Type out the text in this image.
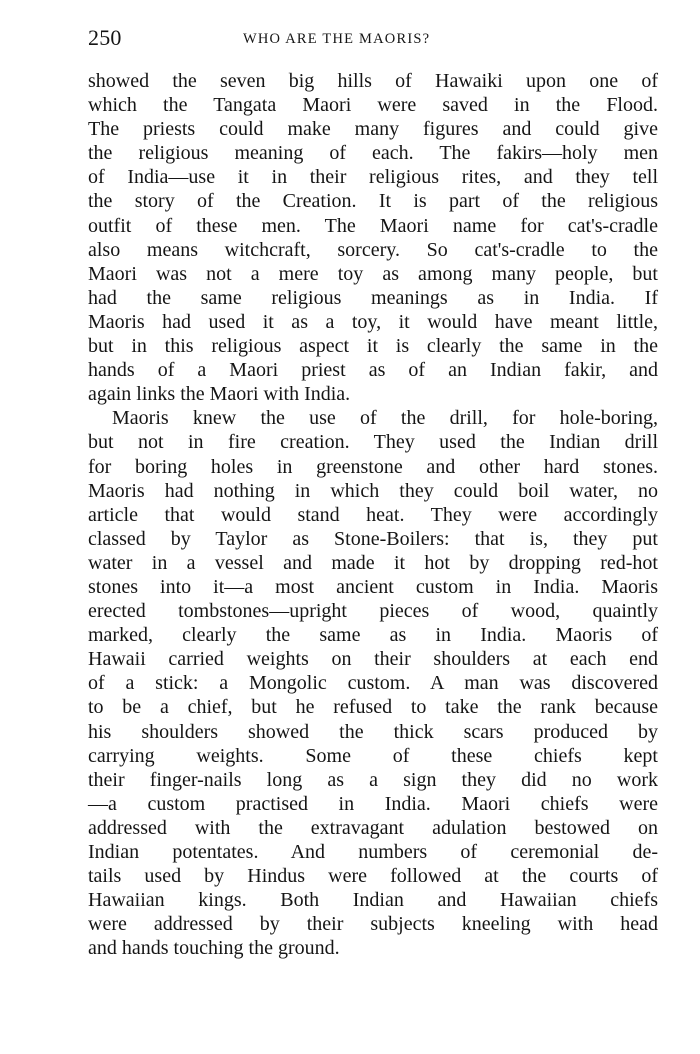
250	WHO ARE THE MAORIS?
showed the seven big hills of Hawaiki upon one of
which the Tangata Maori were saved in the Flood.
The priests could make many figures and could give
the religious meaning of each. The fakirs—holy men
of India—use it in their religious rites, and they tell
the story of the Creation. It is part of the religious
outfit of these men. The Maori name for cat's-cradle
also means witchcraft, sorcery. So cat's-cradle to the
Maori was not a mere toy as among many people, but
had the same religious meanings as in India. If
Maoris had used it as a toy, it would have meant little,
but in this religious aspect it is clearly the same in the
hands of a Maori priest as of an Indian fakir, and
again links the Maori with India.
Maoris knew the use of the drill, for hole-boring,
but not in fire creation. They used the Indian drill
for boring holes in greenstone and other hard stones.
Maoris had nothing in which they could boil water, no
article that would stand heat. They were accordingly
classed by Taylor as Stone-Boilers: that is, they put
water in a vessel and made it hot by dropping red-hot
stones into it—a most ancient custom in India. Maoris
erected tombstones—upright pieces of wood, quaintly
marked, clearly the same as in India. Maoris of
Hawaii carried weights on their shoulders at each end
of a stick: a Mongolic custom. A man was discovered
to be a chief, but he refused to take the rank because
his shoulders showed the thick scars produced by
carrying weights. Some of these chiefs kept
their finger-nails long as a sign they did no work
—a custom practised in India. Maori chiefs were
addressed with the extravagant adulation bestowed on
Indian potentates. And numbers of ceremonial de-
tails used by Hindus were followed at the courts of
Hawaiian kings. Both Indian and Hawaiian chiefs
were addressed by their subjects kneeling with head
and hands touching the ground.
